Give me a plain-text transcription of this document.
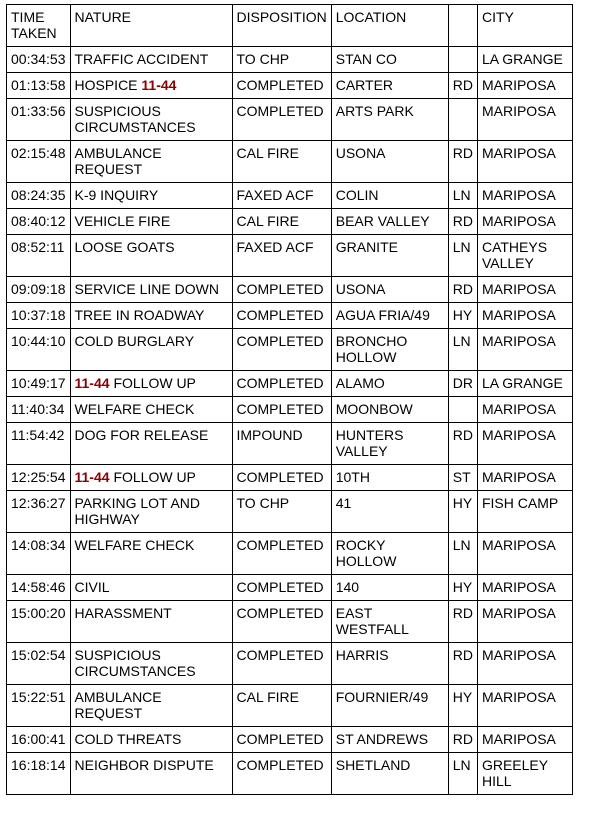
TIME TAKEN	NATURE	DISPOSITION	LOCATION		CITY
00:34:53	TRAFFIC ACCIDENT	TO CHP	STAN CO		LA GRANGE
01:13:58	HOSPICE 11-44	COMPLETED	CARTER	RD	MARIPOSA
01:33:56	SUSPICIOUS CIRCUMSTANCES	COMPLETED	ARTS PARK		MARIPOSA
02:15:48	AMBULANCE REQUEST	CAL FIRE	USONA	RD	MARIPOSA
08:24:35	K-9 INQUIRY	FAXED ACF	COLIN	LN	MARIPOSA
08:40:12	VEHICLE FIRE	CAL FIRE	BEAR VALLEY	RD	MARIPOSA
08:52:11	LOOSE GOATS	FAXED ACF	GRANITE	LN	CATHEYS VALLEY
09:09:18	SERVICE LINE DOWN	COMPLETED	USONA	RD	MARIPOSA
10:37:18	TREE IN ROADWAY	COMPLETED	AGUA FRIA/49	HY	MARIPOSA
10:44:10	COLD BURGLARY	COMPLETED	BRONCHO HOLLOW	LN	MARIPOSA
10:49:17	11-44 FOLLOW UP	COMPLETED	ALAMO	DR	LA GRANGE
11:40:34	WELFARE CHECK	COMPLETED	MOONBOW		MARIPOSA
11:54:42	DOG FOR RELEASE	IMPOUND	HUNTERS VALLEY	RD	MARIPOSA
12:25:54	11-44 FOLLOW UP	COMPLETED	10TH	ST	MARIPOSA
12:36:27	PARKING LOT AND HIGHWAY	TO CHP	41	HY	FISH CAMP
14:08:34	WELFARE CHECK	COMPLETED	ROCKY HOLLOW	LN	MARIPOSA
14:58:46	CIVIL	COMPLETED	140	HY	MARIPOSA
15:00:20	HARASSMENT	COMPLETED	EAST WESTFALL	RD	MARIPOSA
15:02:54	SUSPICIOUS CIRCUMSTANCES	COMPLETED	HARRIS	RD	MARIPOSA
15:22:51	AMBULANCE REQUEST	CAL FIRE	FOURNIER/49	HY	MARIPOSA
16:00:41	COLD THREATS	COMPLETED	ST ANDREWS	RD	MARIPOSA
16:18:14	NEIGHBOR DISPUTE	COMPLETED	SHETLAND	LN	GREELEY HILL
